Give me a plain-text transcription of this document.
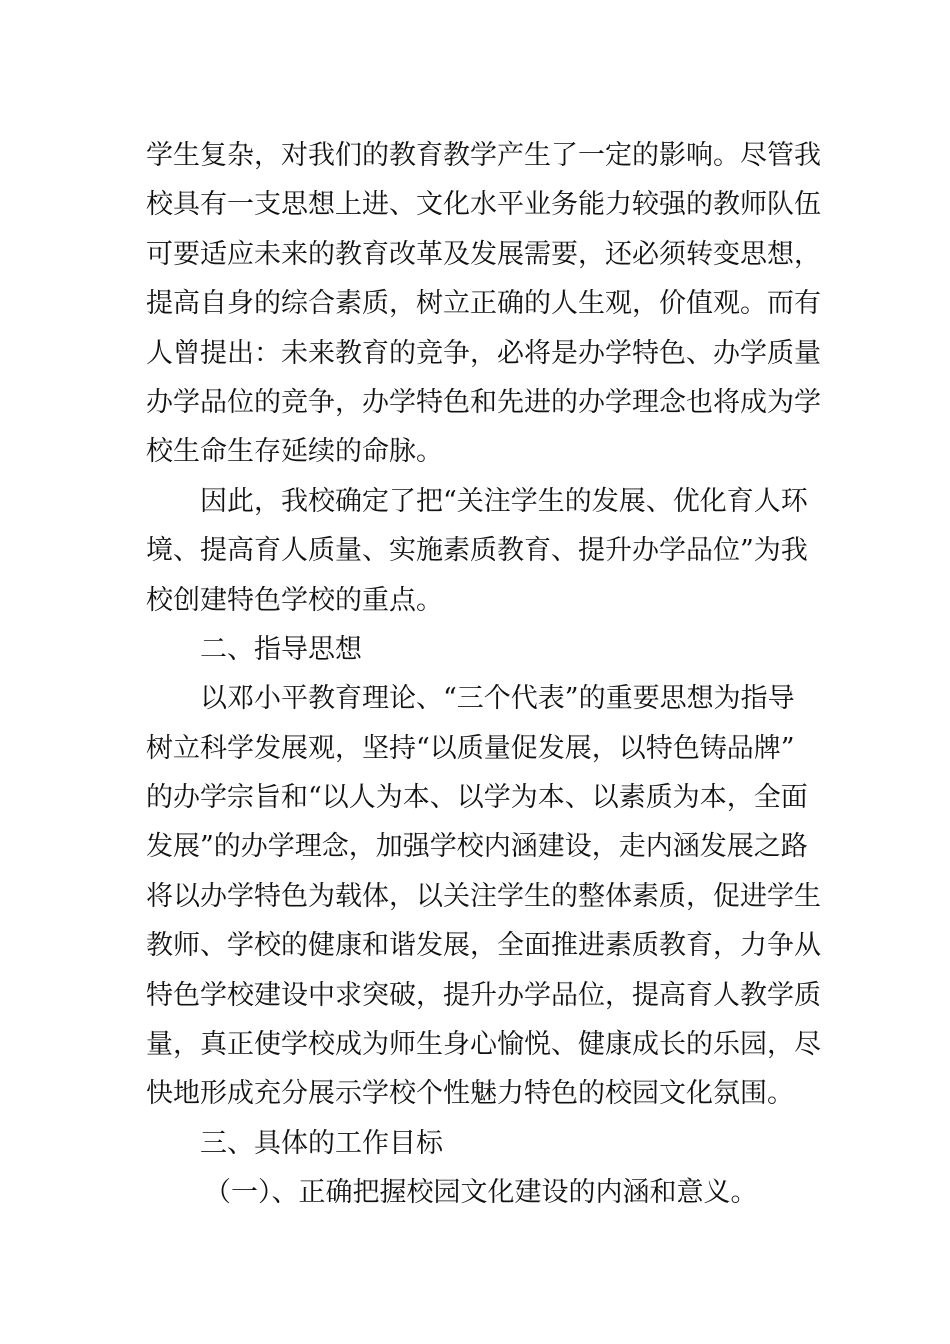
学生复杂，对我们的教育教学产生了一定的影响。尽管我

校具有一支思想上进、文化水平业务能力较强的教师队伍

可要适应未来的教育改革及发展需要，还必须转变思想，

提高自身的综合素质，树立正确的人生观，价值观。而有

人曾提出：未来教育的竞争，必将是办学特色、办学质量

办学品位的竞争，办学特色和先进的办学理念也将成为学

校生命生存延续的命脉。

因此，我校确定了把“关注学生的发展、优化育人环

境、提高育人质量、实施素质教育、提升办学品位”为我

校创建特色学校的重点。

二、指导思想

以邓小平教育理论、“三个代表”的重要思想为指导

树立科学发展观，坚持“以质量促发展，以特色铸品牌”

的办学宗旨和“以人为本、以学为本、以素质为本，全面

发展”的办学理念，加强学校内涵建设，走内涵发展之路

将以办学特色为载体，以关注学生的整体素质，促进学生

教师、学校的健康和谐发展，全面推进素质教育，力争从

特色学校建设中求突破，提升办学品位，提高育人教学质

量，真正使学校成为师生身心愉悦、健康成长的乐园，尽

快地形成充分展示学校个性魅力特色的校园文化氛围。

三、具体的工作目标

（一）、正确把握校园文化建设的内涵和意义。
